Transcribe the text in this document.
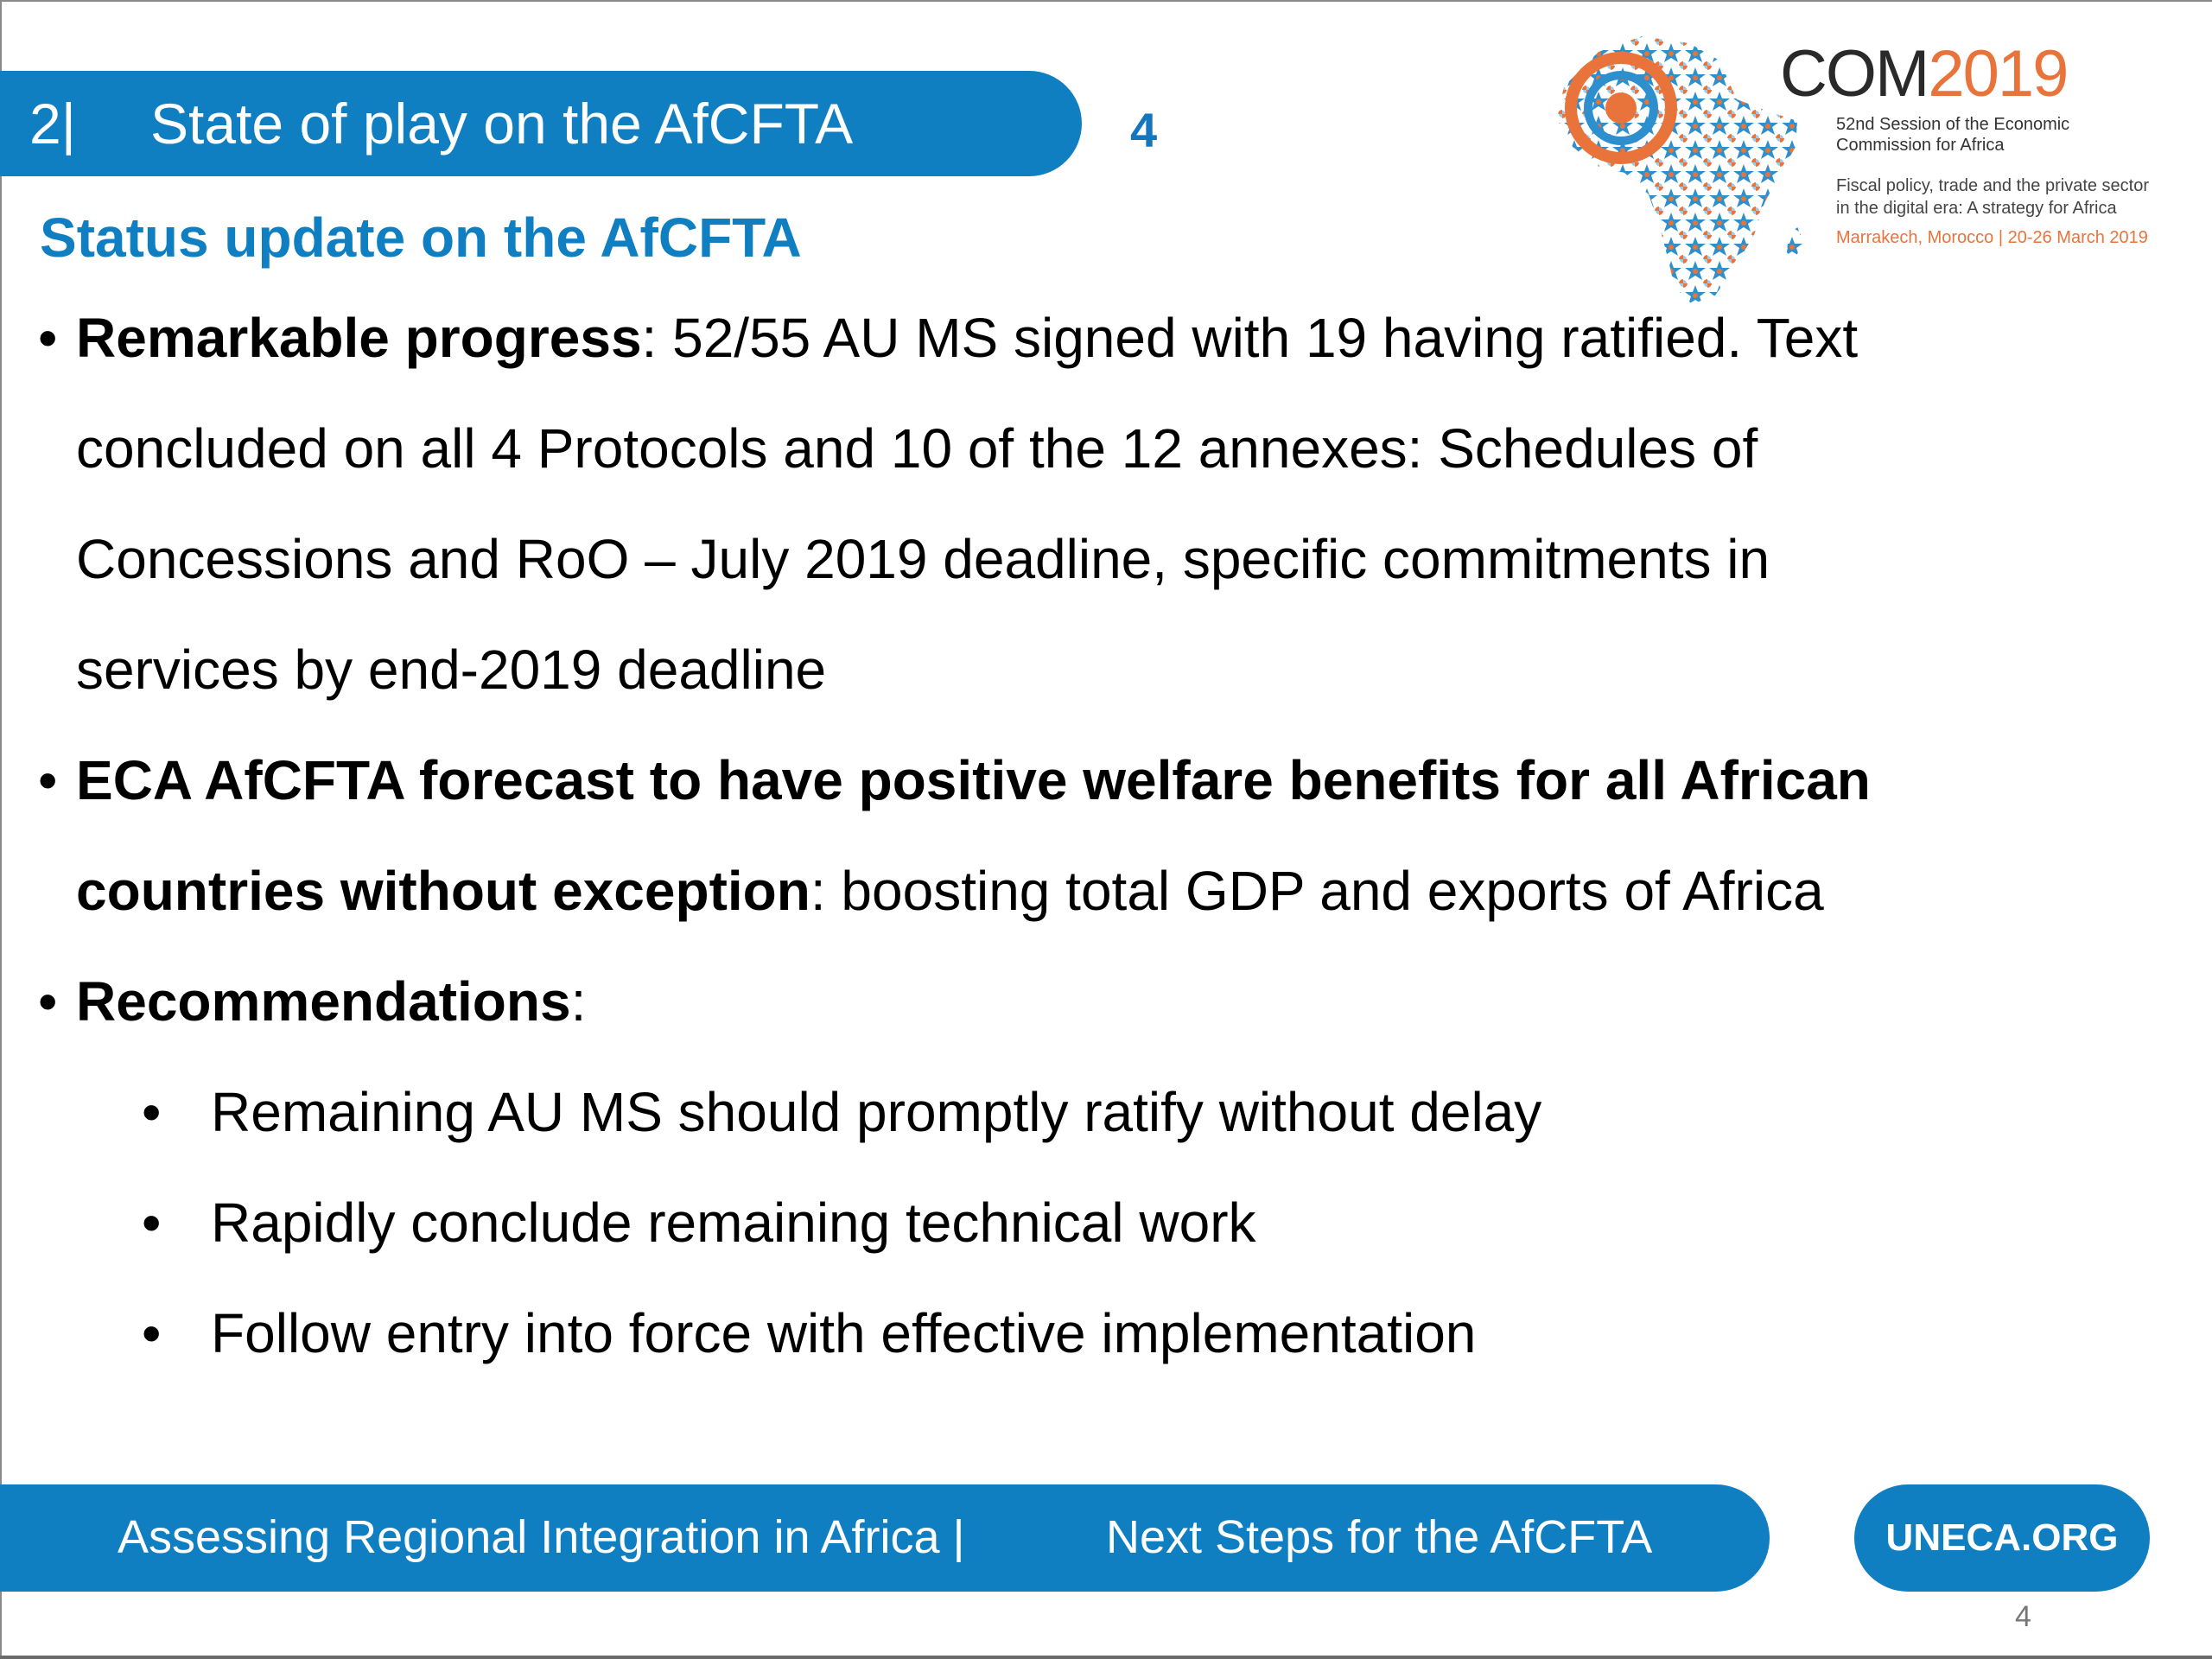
2|	State of play on the AfCFTA	4
COM2019
52nd Session of the Economic
Commission for Africa
Fiscal policy, trade and the private sector
in the digital era: A strategy for Africa
Marrakech, Morocco | 20-26 March 2019
Status update on the AfCFTA
• Remarkable progress: 52/55 AU MS signed with 19 having ratified. Text
concluded on all 4 Protocols and 10 of the 12 annexes: Schedules of
Concessions and RoO – July 2019 deadline, specific commitments in
services by end-2019 deadline
• ECA AfCFTA forecast to have positive welfare benefits for all African
countries without exception: boosting total GDP and exports of Africa
• Recommendations:
• Remaining AU MS should promptly ratify without delay
• Rapidly conclude remaining technical work
• Follow entry into force with effective implementation
Assessing Regional Integration in Africa |	Next Steps for the AfCFTA	UNECA.ORG
4
